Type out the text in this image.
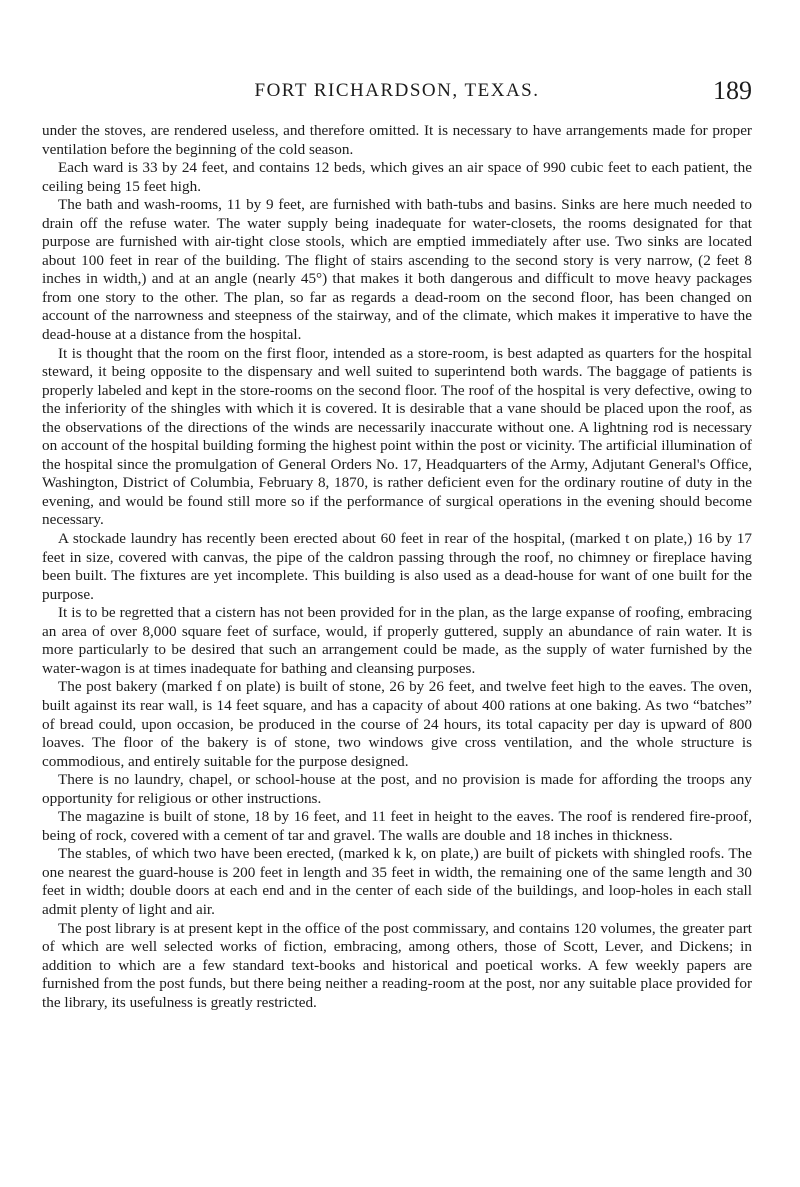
FORT RICHARDSON, TEXAS.	189

under the stoves, are rendered useless, and therefore omitted. It is necessary to have arrangements made for proper ventilation before the beginning of the cold season.

Each ward is 33 by 24 feet, and contains 12 beds, which gives an air space of 990 cubic feet to each patient, the ceiling being 15 feet high.

The bath and wash-rooms, 11 by 9 feet, are furnished with bath-tubs and basins. Sinks are here much needed to drain off the refuse water. The water supply being inadequate for water-closets, the rooms designated for that purpose are furnished with air-tight close stools, which are emptied immediately after use. Two sinks are located about 100 feet in rear of the building. The flight of stairs ascending to the second story is very narrow, (2 feet 8 inches in width,) and at an angle (nearly 45°) that makes it both dangerous and difficult to move heavy packages from one story to the other. The plan, so far as regards a dead-room on the second floor, has been changed on account of the narrowness and steepness of the stairway, and of the climate, which makes it imperative to have the dead-house at a distance from the hospital.

It is thought that the room on the first floor, intended as a store-room, is best adapted as quarters for the hospital steward, it being opposite to the dispensary and well suited to superintend both wards. The baggage of patients is properly labeled and kept in the store-rooms on the second floor. The roof of the hospital is very defective, owing to the inferiority of the shingles with which it is covered. It is desirable that a vane should be placed upon the roof, as the observations of the directions of the winds are necessarily inaccurate without one. A lightning rod is necessary on account of the hospital building forming the highest point within the post or vicinity. The artificial illumination of the hospital since the promulgation of General Orders No. 17, Headquarters of the Army, Adjutant General's Office, Washington, District of Columbia, February 8, 1870, is rather deficient even for the ordinary routine of duty in the evening, and would be found still more so if the performance of surgical operations in the evening should become necessary.

A stockade laundry has recently been erected about 60 feet in rear of the hospital, (marked t on plate,) 16 by 17 feet in size, covered with canvas, the pipe of the caldron passing through the roof, no chimney or fireplace having been built. The fixtures are yet incomplete. This building is also used as a dead-house for want of one built for the purpose.

It is to be regretted that a cistern has not been provided for in the plan, as the large expanse of roofing, embracing an area of over 8,000 square feet of surface, would, if properly guttered, supply an abundance of rain water. It is more particularly to be desired that such an arrangement could be made, as the supply of water furnished by the water-wagon is at times inadequate for bathing and cleansing purposes.

The post bakery (marked f on plate) is built of stone, 26 by 26 feet, and twelve feet high to the eaves. The oven, built against its rear wall, is 14 feet square, and has a capacity of about 400 rations at one baking. As two “batches” of bread could, upon occasion, be produced in the course of 24 hours, its total capacity per day is upward of 800 loaves. The floor of the bakery is of stone, two windows give cross ventilation, and the whole structure is commodious, and entirely suitable for the purpose designed.

There is no laundry, chapel, or school-house at the post, and no provision is made for affording the troops any opportunity for religious or other instructions.

The magazine is built of stone, 18 by 16 feet, and 11 feet in height to the eaves. The roof is rendered fire-proof, being of rock, covered with a cement of tar and gravel. The walls are double and 18 inches in thickness.

The stables, of which two have been erected, (marked k k, on plate,) are built of pickets with shingled roofs. The one nearest the guard-house is 200 feet in length and 35 feet in width, the remaining one of the same length and 30 feet in width; double doors at each end and in the center of each side of the buildings, and loop-holes in each stall admit plenty of light and air.

The post library is at present kept in the office of the post commissary, and contains 120 volumes, the greater part of which are well selected works of fiction, embracing, among others, those of Scott, Lever, and Dickens; in addition to which are a few standard text-books and historical and poetical works. A few weekly papers are furnished from the post funds, but there being neither a reading-room at the post, nor any suitable place provided for the library, its usefulness is greatly restricted.
